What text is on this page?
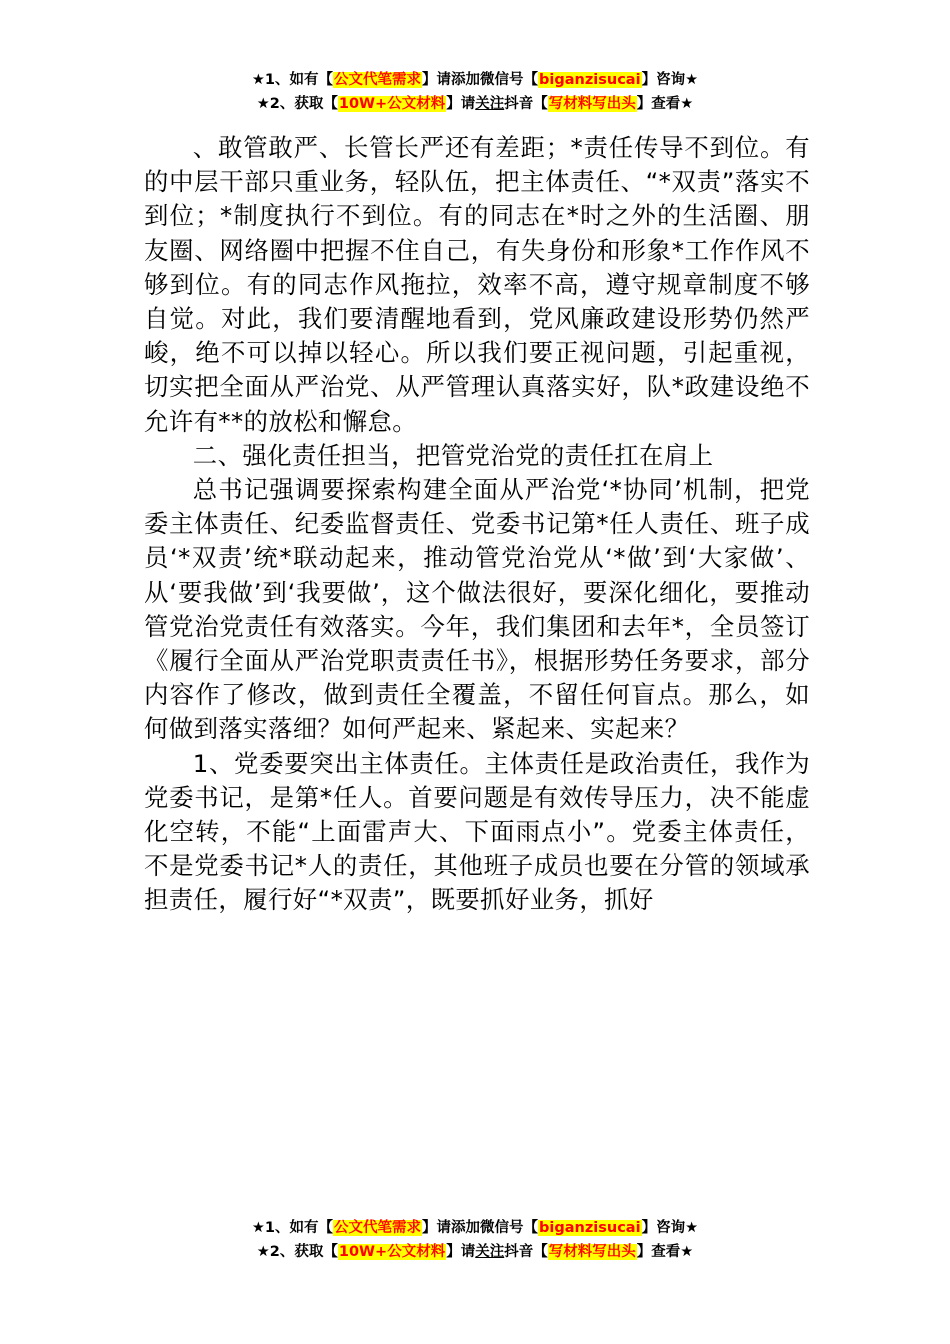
★1、如有【公文代笔需求】请添加微信号【biganzisucai】咨询★
★2、获取【10W+公文材料】请关注抖音【写材料写出头】查看★

、敢管敢严、长管长严还有差距；*责任传导不到位。有的中层干部只重业务，轻队伍，把主体责任、“*双责”落实不到位；*制度执行不到位。有的同志在*时之外的生活圈、朋友圈、网络圈中把握不住自己，有失身份和形象*工作作风不够到位。有的同志作风拖拉，效率不高，遵守规章制度不够自觉。对此，我们要清醒地看到，党风廉政建设形势仍然严峻，绝不可以掉以轻心。所以我们要正视问题，引起重视，切实把全面从严治党、从严管理认真落实好，队*政建设绝不允许有**的放松和懈怠。

二、强化责任担当，把管党治党的责任扛在肩上

总书记强调要探索构建全面从严治党‘*协同’机制，把党委主体责任、纪委监督责任、党委书记第*任人责任、班子成员‘*双责’统*联动起来，推动管党治党从‘*做’到‘大家做’、从‘要我做’到‘我要做’，这个做法很好，要深化细化，要推动管党治党责任有效落实。今年，我们集团和去年*，全员签订《履行全面从严治党职责责任书》，根据形势任务要求，部分内容作了修改，做到责任全覆盖，不留任何盲点。那么，如何做到落实落细？如何严起来、紧起来、实起来？

1、党委要突出主体责任。主体责任是政治责任，我作为党委书记，是第*任人。首要问题是有效传导压力，决不能虚化空转，不能“上面雷声大、下面雨点小”。党委主体责任，不是党委书记*人的责任，其他班子成员也要在分管的领域承担责任，履行好“*双责”，既要抓好业务，抓好

★1、如有【公文代笔需求】请添加微信号【biganzisucai】咨询★
★2、获取【10W+公文材料】请关注抖音【写材料写出头】查看★
